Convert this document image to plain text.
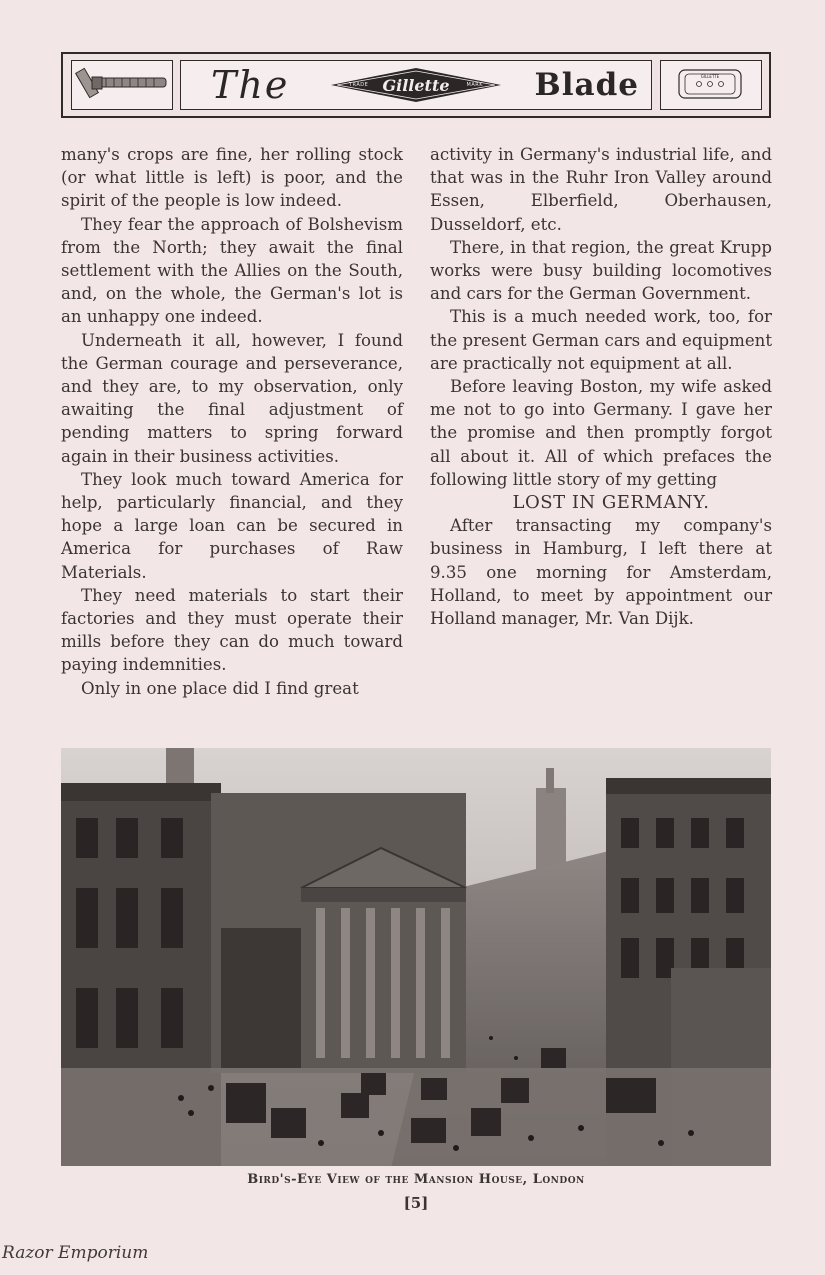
The	TRADE Gillette	MARK Blade	GILLETTE

many's crops are fine, her rolling stock (or what little is left) is poor, and the spirit of the people is low indeed.

They fear the approach of Bolshevism from the North; they await the final settlement with the Allies on the South, and, on the whole, the German's lot is an unhappy one indeed.

Underneath it all, however, I found the German courage and perseverance, and they are, to my observation, only awaiting the final adjustment of pending matters to spring forward again in their business activities.

They look much toward America for help, particularly financial, and they hope a large loan can be secured in America for purchases of Raw Materials.

They need materials to start their factories and they must operate their mills before they can do much toward paying indemnities.

Only in one place did I find great

activity in Germany's industrial life, and that was in the Ruhr Iron Valley around Essen, Elberfield, Oberhausen, Dusseldorf, etc.

There, in that region, the great Krupp works were busy building locomotives and cars for the German Government.

This is a much needed work, too, for the present German cars and equipment are practically not equipment at all.

Before leaving Boston, my wife asked me not to go into Germany. I gave her the promise and then promptly forgot all about it. All of which prefaces the following little story of my getting

LOST IN GERMANY.

After transacting my company's business in Hamburg, I left there at 9.35 one morning for Amsterdam, Holland, to meet by appointment our Holland manager, Mr. Van Dijk.

Bird's-Eye View of the Mansion House, London
[5]
Razor Emporium
